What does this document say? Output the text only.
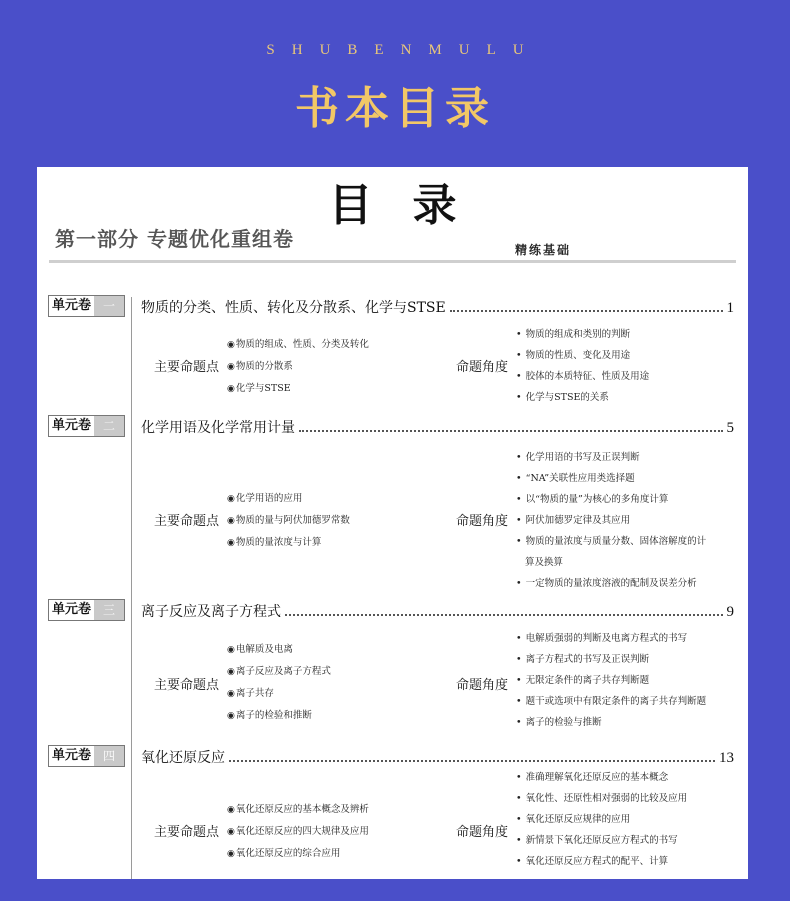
SHUBENMULU
书本目录
目录
第一部分 专题优化重组卷	精练基础
单元卷 一	物质的分类、性质、转化及分散系、化学与STSE	1
主要命题点
◉ 物质的组成、性质、分类及转化
◉ 物质的分散系
◉ 化学与STSE
命题角度
• 物质的组成和类别的判断
• 物质的性质、变化及用途
• 胶体的本质特征、性质及用途
• 化学与STSE的关系
单元卷 二	化学用语及化学常用计量	5
主要命题点
◉ 化学用语的应用
◉ 物质的量与阿伏加德罗常数
◉ 物质的量浓度与计算
命题角度
• 化学用语的书写及正误判断
• “NA”关联性应用类选择题
• 以“物质的量”为核心的多角度计算
• 阿伏加德罗定律及其应用
• 物质的量浓度与质量分数、固体溶解度的计
算及换算
• 一定物质的量浓度溶液的配制及误差分析
单元卷 三	离子反应及离子方程式	9
主要命题点
◉ 电解质及电离
◉ 离子反应及离子方程式
◉ 离子共存
◉ 离子的检验和推断
命题角度
• 电解质强弱的判断及电离方程式的书写
• 离子方程式的书写及正误判断
• 无限定条件的离子共存判断题
• 题干或选项中有限定条件的离子共存判断题
• 离子的检验与推断
单元卷 四	氧化还原反应	13
主要命题点
◉ 氧化还原反应的基本概念及辨析
◉ 氧化还原反应的四大规律及应用
◉ 氧化还原反应的综合应用
命题角度
• 准确理解氧化还原反应的基本概念
• 氧化性、还原性相对强弱的比较及应用
• 氧化还原反应规律的应用
• 新情景下氧化还原反应方程式的书写
• 氧化还原反应方程式的配平、计算
